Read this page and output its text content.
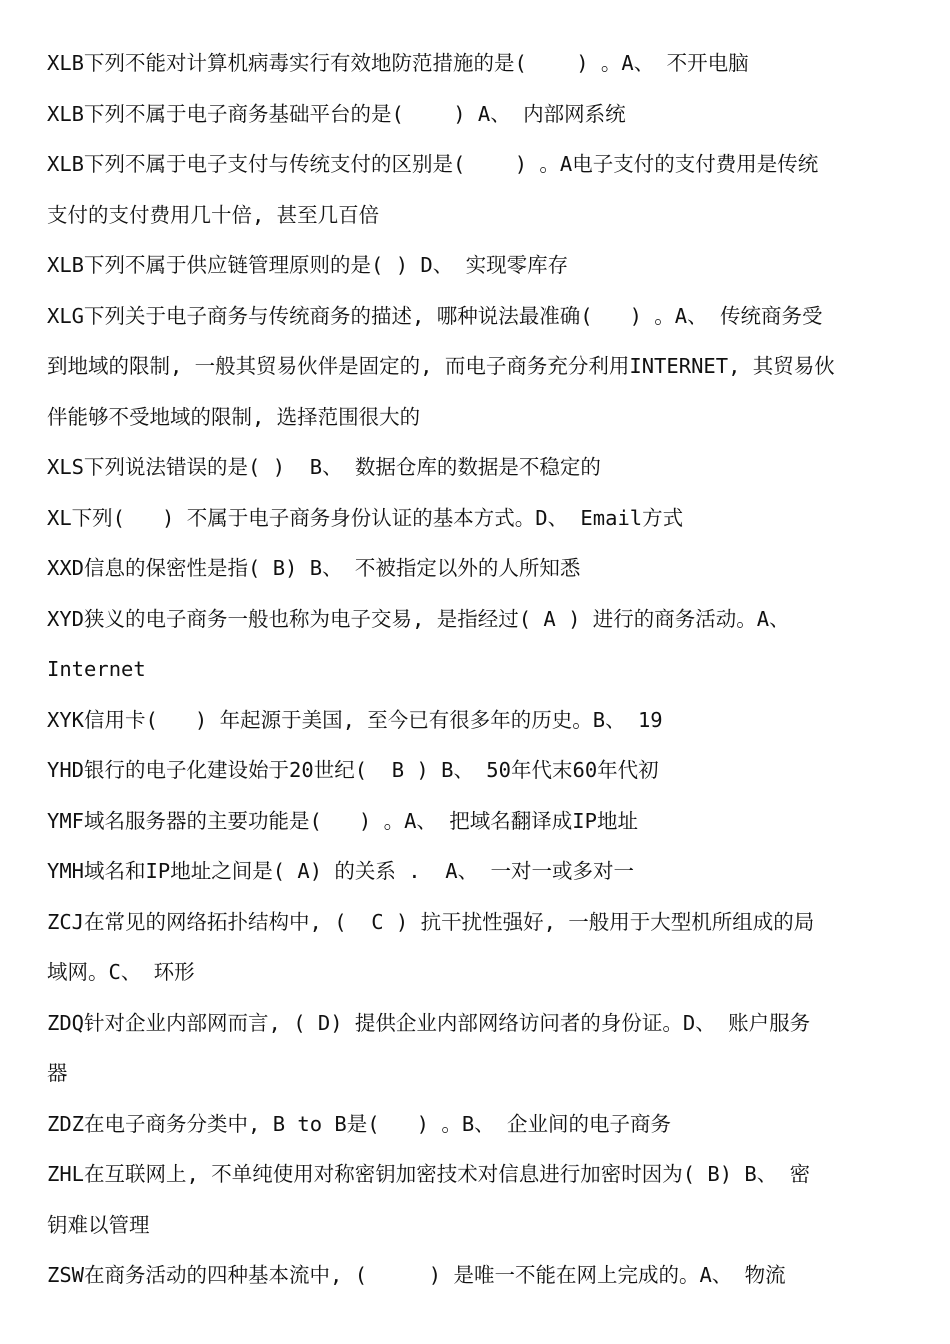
XLB下列不能对计算机病毒实行有效地防范措施的是(    ) 。A、 不开电脑

XLB下列不属于电子商务基础平台的是(    ) A、 内部网系统

XLB下列不属于电子支付与传统支付的区别是(    ) 。A电子支付的支付费用是传统

支付的支付费用几十倍, 甚至几百倍

XLB下列不属于供应链管理原则的是( ) D、 实现零库存

XLG下列关于电子商务与传统商务的描述, 哪种说法最准确(   ) 。A、 传统商务受

到地域的限制, 一般其贸易伙伴是固定的, 而电子商务充分利用INTERNET, 其贸易伙

伴能够不受地域的限制, 选择范围很大的

XLS下列说法错误的是( )  B、 数据仓库的数据是不稳定的

XL下列(   ) 不属于电子商务身份认证的基本方式。D、 Email方式

XXD信息的保密性是指( B) B、 不被指定以外的人所知悉

XYD狭义的电子商务一般也称为电子交易, 是指经过( A ) 进行的商务活动。A、

Internet

XYK信用卡(   ) 年起源于美国, 至今已有很多年的历史。B、 19

YHD银行的电子化建设始于20世纪(  B ) B、 50年代末60年代初

YMF域名服务器的主要功能是(   ) 。A、 把域名翻译成IP地址

YMH域名和IP地址之间是( A) 的关系 .  A、 一对一或多对一

ZCJ在常见的网络拓扑结构中, (  C ) 抗干扰性强好, 一般用于大型机所组成的局

域网。C、 环形

ZDQ针对企业内部网而言, ( D) 提供企业内部网络访问者的身份证。D、 账户服务

器

ZDZ在电子商务分类中, B to B是(   ) 。B、 企业间的电子商务

ZHL在互联网上, 不单纯使用对称密钥加密技术对信息进行加密时因为( B) B、 密

钥难以管理

ZSW在商务活动的四种基本流中, (     ) 是唯一不能在网上完成的。A、 物流
